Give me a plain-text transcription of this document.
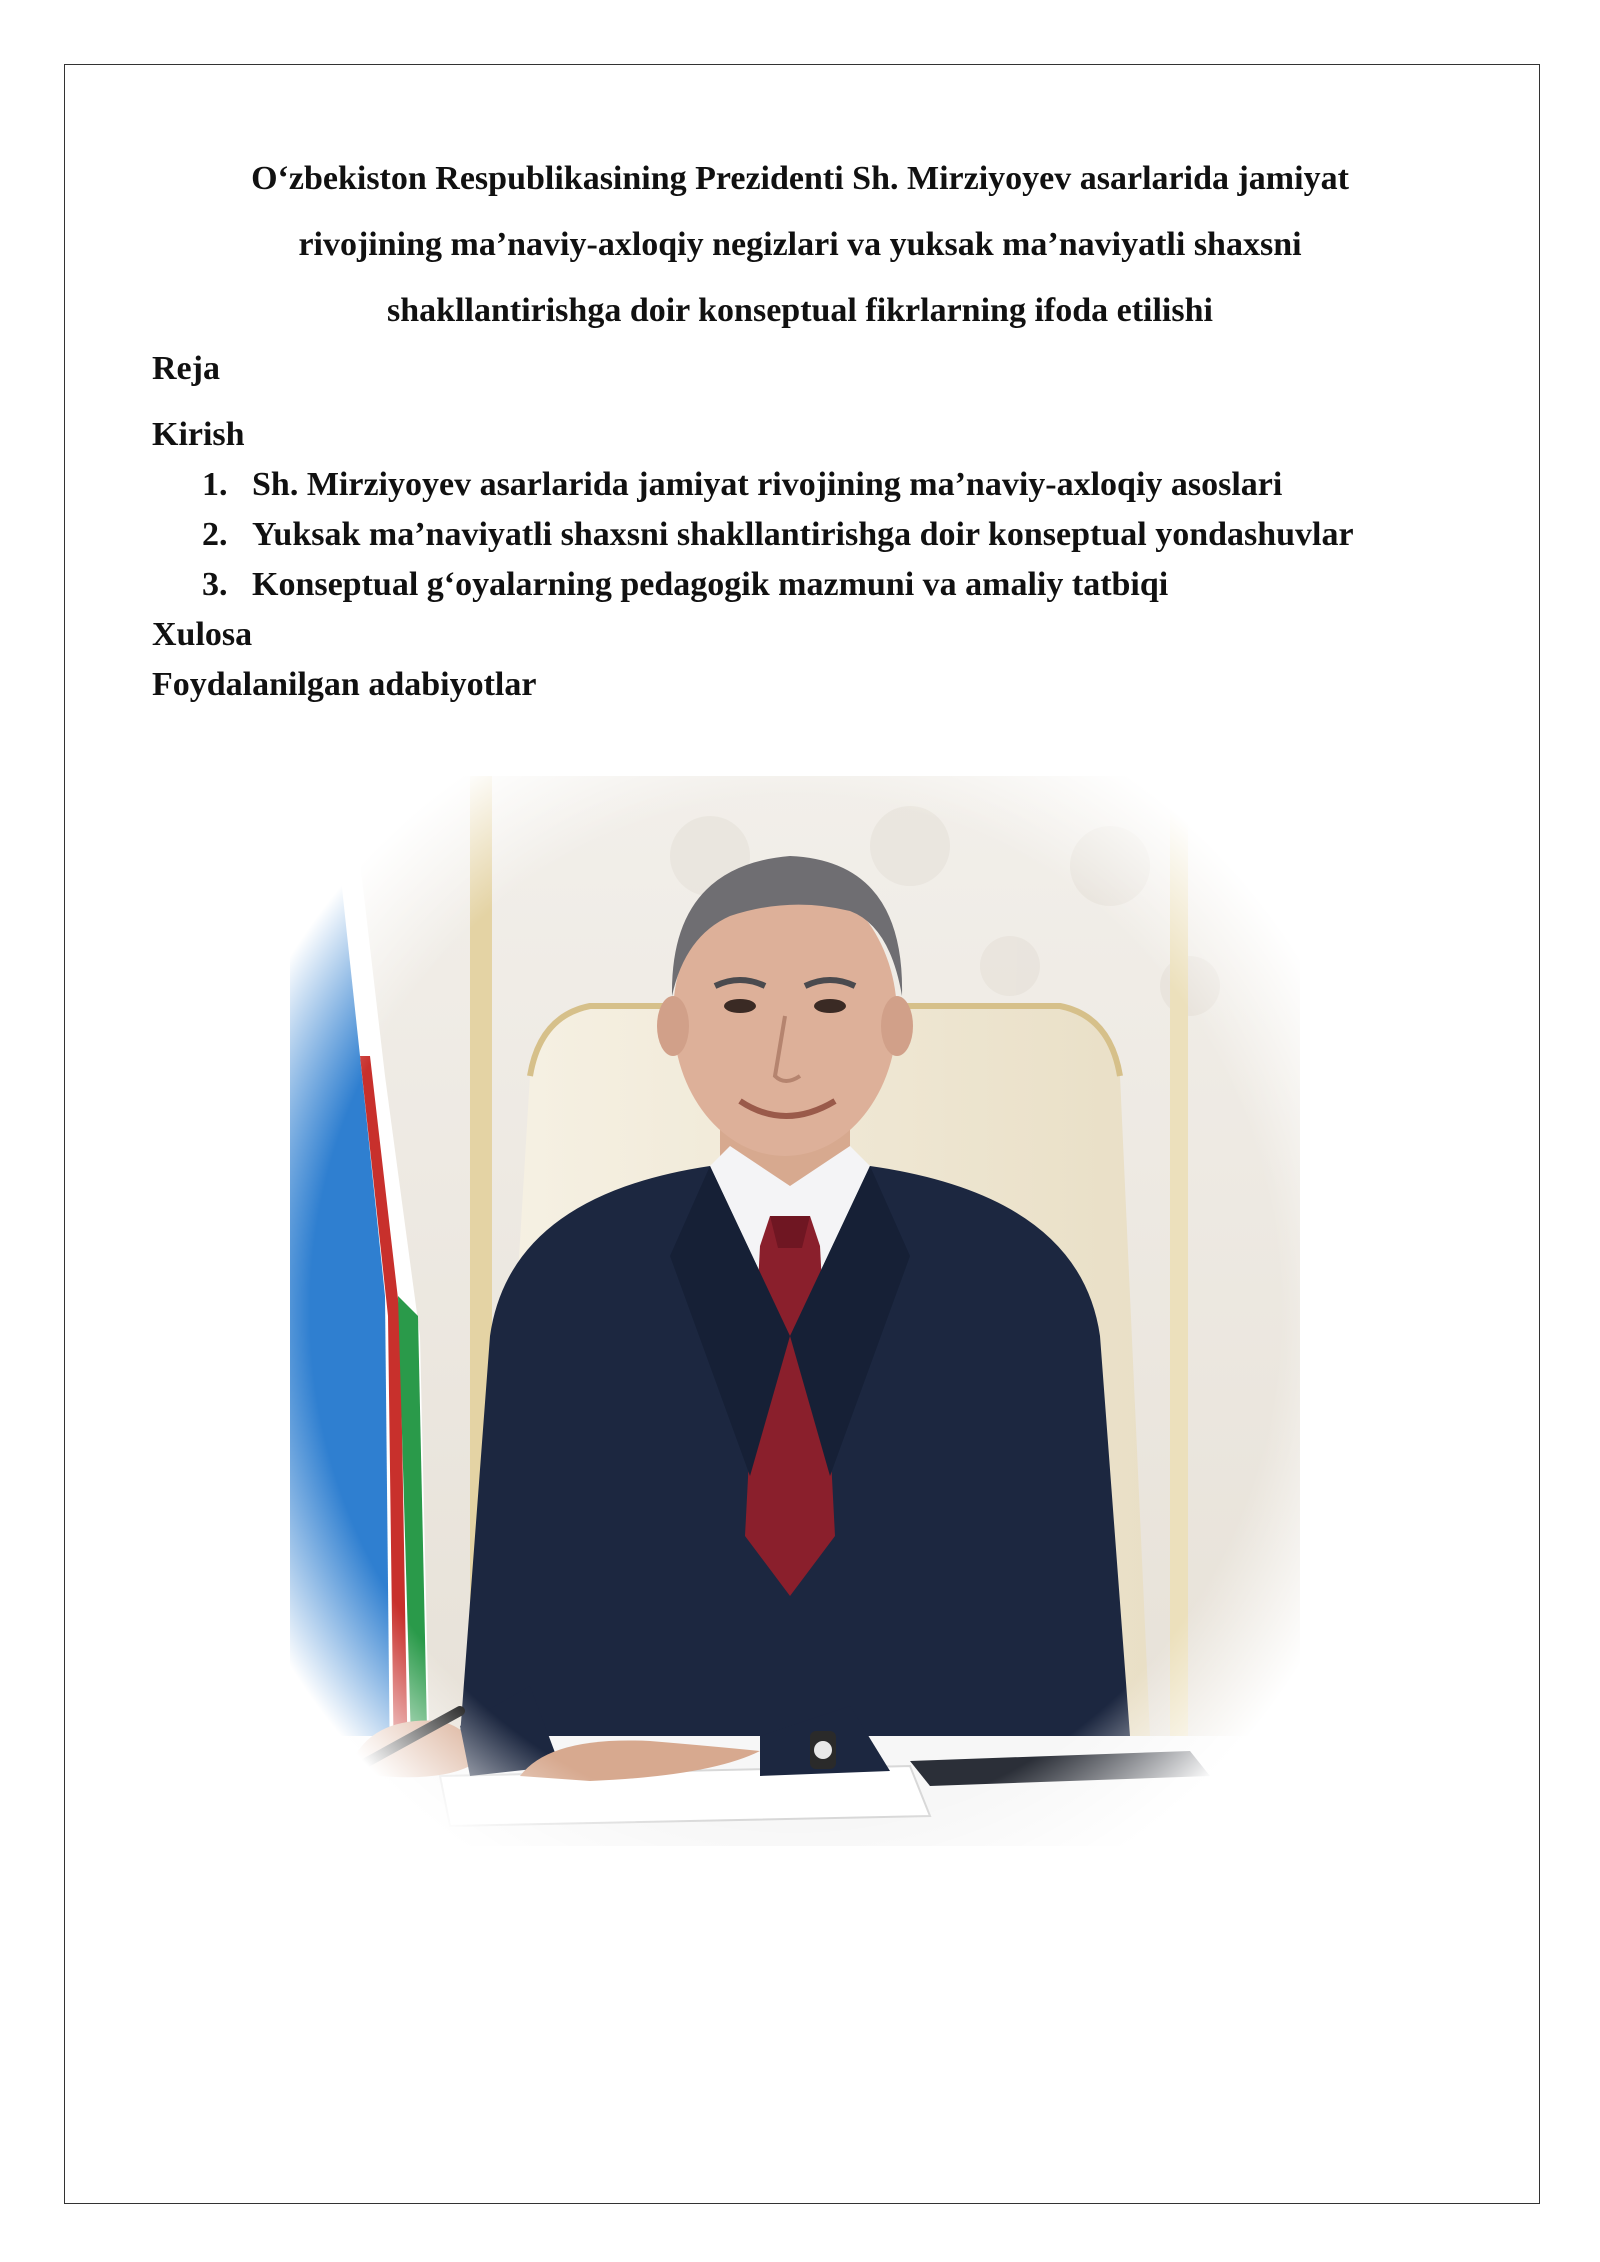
O‘zbekiston Respublikasining Prezidenti Sh. Mirziyoyev asarlarida jamiyat
rivojining ma’naviy-axloqiy negizlari va yuksak ma’naviyatli shaxsni
shakllantirishga doir konseptual fikrlarning ifoda etilishi

Reja

Kirish
1. Sh. Mirziyoyev asarlarida jamiyat rivojining ma’naviy-axloqiy asoslari
2. Yuksak ma’naviyatli shaxsni shakllantirishga doir konseptual yondashuvlar
3. Konseptual g‘oyalarning pedagogik mazmuni va amaliy tatbiqi
Xulosa
Foydalanilgan adabiyotlar
